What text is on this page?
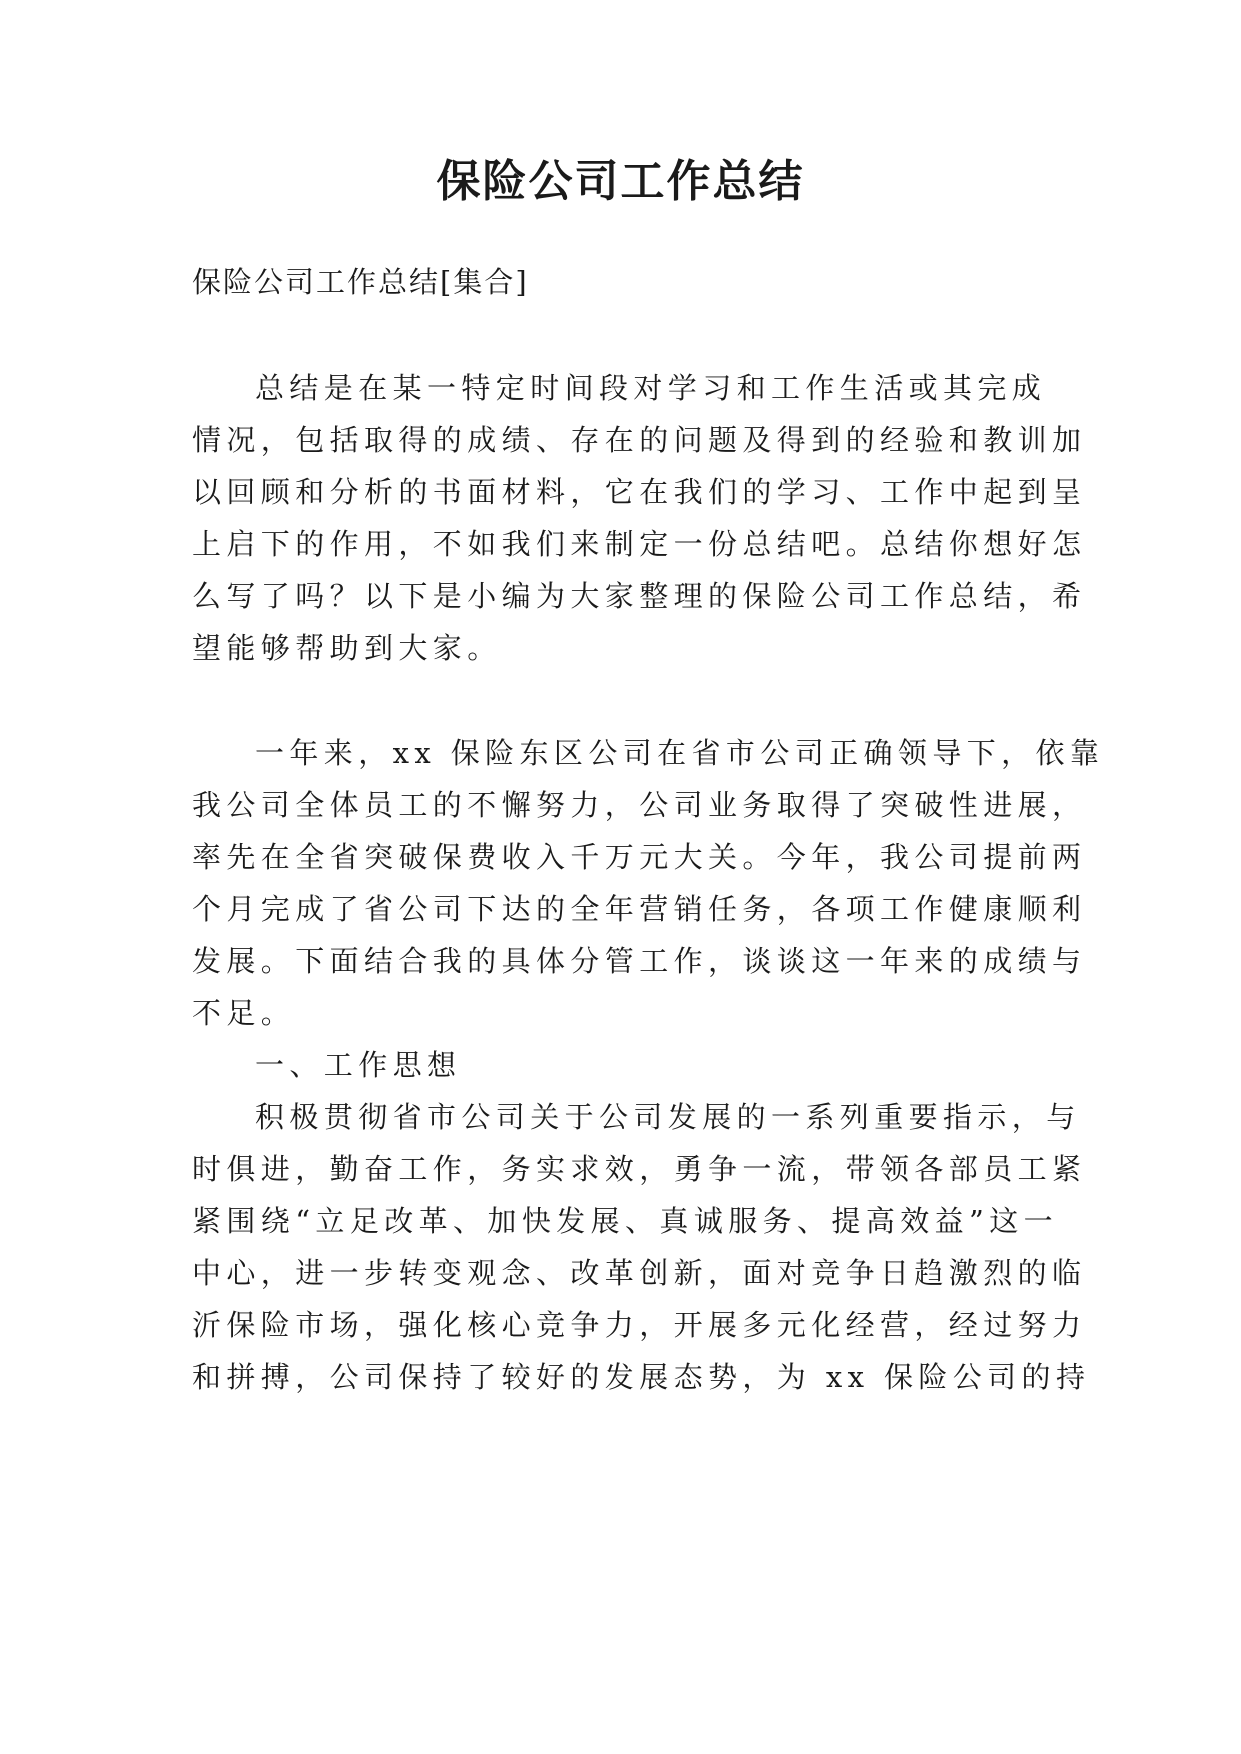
保险公司工作总结

保险公司工作总结[集合]

总结是在某一特定时间段对学习和工作生活或其完成

情况，包括取得的成绩、存在的问题及得到的经验和教训加

以回顾和分析的书面材料，它在我们的学习、工作中起到呈

上启下的作用，不如我们来制定一份总结吧。总结你想好怎

么写了吗？以下是小编为大家整理的保险公司工作总结，希

望能够帮助到大家。

一年来，xx 保险东区公司在省市公司正确领导下，依靠

我公司全体员工的不懈努力，公司业务取得了突破性进展，

率先在全省突破保费收入千万元大关。今年，我公司提前两

个月完成了省公司下达的全年营销任务，各项工作健康顺利

发展。下面结合我的具体分管工作，谈谈这一年来的成绩与

不足。

一、工作思想

积极贯彻省市公司关于公司发展的一系列重要指示，与

时俱进，勤奋工作，务实求效，勇争一流，带领各部员工紧

紧围绕“立足改革、加快发展、真诚服务、提高效益”这一

中心，进一步转变观念、改革创新，面对竞争日趋激烈的临

沂保险市场，强化核心竞争力，开展多元化经营，经过努力

和拼搏，公司保持了较好的发展态势，为 xx 保险公司的持
